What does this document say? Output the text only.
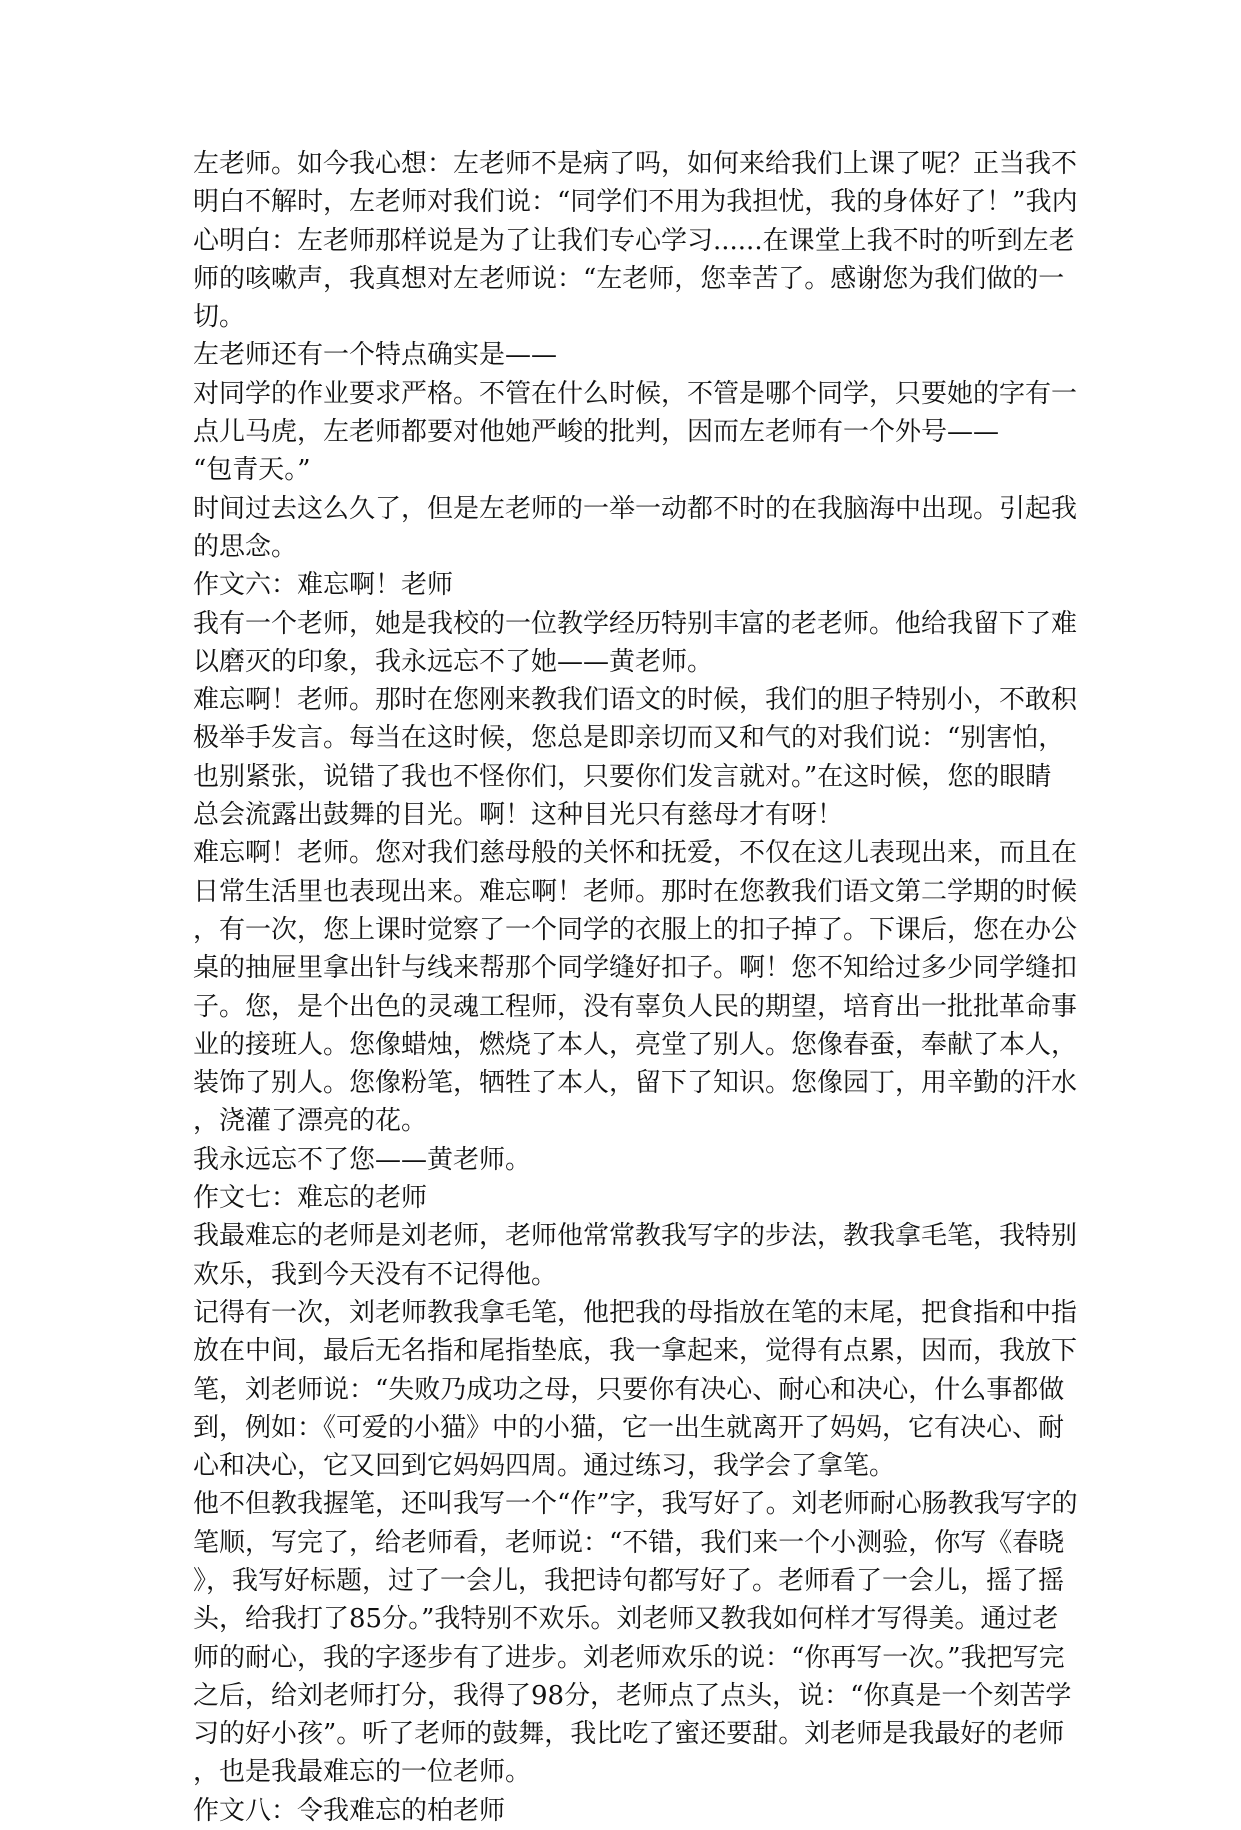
左老师。如今我心想：左老师不是病了吗，如何来给我们上课了呢？正当我不
明白不解时，左老师对我们说：“同学们不用为我担忧，我的身体好了！”我内
心明白：左老师那样说是为了让我们专心学习......在课堂上我不时的听到左老
师的咳嗽声，我真想对左老师说：“左老师，您幸苦了。感谢您为我们做的一
切。
左老师还有一个特点确实是——
对同学的作业要求严格。不管在什么时候，不管是哪个同学，只要她的字有一
点儿马虎，左老师都要对他她严峻的批判，因而左老师有一个外号——
“包青天。”
时间过去这么久了，但是左老师的一举一动都不时的在我脑海中出现。引起我
的思念。
作文六：难忘啊！老师
我有一个老师，她是我校的一位教学经历特别丰富的老老师。他给我留下了难
以磨灭的印象，我永远忘不了她——黄老师。
难忘啊！老师。那时在您刚来教我们语文的时候，我们的胆子特别小，不敢积
极举手发言。每当在这时候，您总是即亲切而又和气的对我们说：“别害怕，
也别紧张，说错了我也不怪你们，只要你们发言就对。”在这时候，您的眼睛
总会流露出鼓舞的目光。啊！这种目光只有慈母才有呀！
难忘啊！老师。您对我们慈母般的关怀和抚爱，不仅在这儿表现出来，而且在
日常生活里也表现出来。难忘啊！老师。那时在您教我们语文第二学期的时候
，有一次，您上课时觉察了一个同学的衣服上的扣子掉了。下课后，您在办公
桌的抽屉里拿出针与线来帮那个同学缝好扣子。啊！您不知给过多少同学缝扣
子。您，是个出色的灵魂工程师，没有辜负人民的期望，培育出一批批革命事
业的接班人。您像蜡烛，燃烧了本人，亮堂了别人。您像春蚕，奉献了本人，
装饰了别人。您像粉笔，牺牲了本人，留下了知识。您像园丁，用辛勤的汗水
，浇灌了漂亮的花。
我永远忘不了您——黄老师。
作文七：难忘的老师
我最难忘的老师是刘老师，老师他常常教我写字的步法，教我拿毛笔，我特别
欢乐，我到今天没有不记得他。
记得有一次，刘老师教我拿毛笔，他把我的母指放在笔的末尾，把食指和中指
放在中间，最后无名指和尾指垫底，我一拿起来，觉得有点累，因而，我放下
笔，刘老师说：“失败乃成功之母，只要你有决心、耐心和决心，什么事都做
到，例如：《可爱的小猫》中的小猫，它一出生就离开了妈妈，它有决心、耐
心和决心，它又回到它妈妈四周。通过练习，我学会了拿笔。
他不但教我握笔，还叫我写一个“作”字，我写好了。刘老师耐心肠教我写字的
笔顺，写完了，给老师看，老师说：“不错，我们来一个小测验，你写《春晓
》，我写好标题，过了一会儿，我把诗句都写好了。老师看了一会儿，摇了摇
头，给我打了85分。”我特别不欢乐。刘老师又教我如何样才写得美。通过老
师的耐心，我的字逐步有了进步。刘老师欢乐的说：“你再写一次。”我把写完
之后，给刘老师打分，我得了98分，老师点了点头，说：“你真是一个刻苦学
习的好小孩”。听了老师的鼓舞，我比吃了蜜还要甜。刘老师是我最好的老师
，也是我最难忘的一位老师。
作文八：令我难忘的柏老师
